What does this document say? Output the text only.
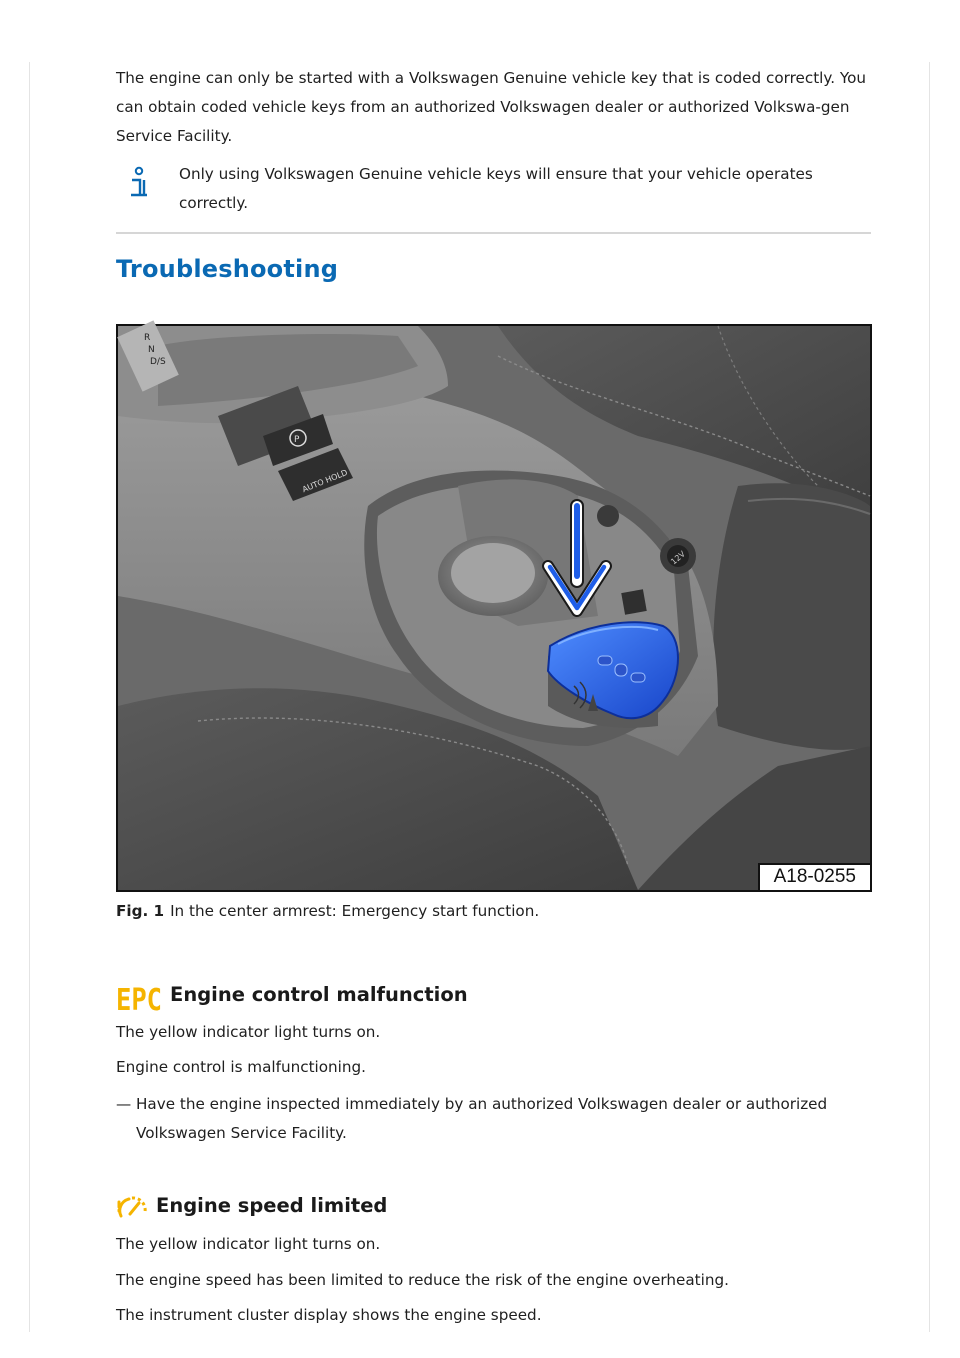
The engine can only be started with a Volkswagen Genuine vehicle key that is coded correctly. You can obtain coded vehicle keys from an authorized Volkswagen dealer or authorized Volkswa-gen Service Facility.

Only using Volkswagen Genuine vehicle keys will ensure that your vehicle operates correctly.

Troubleshooting
R
N
D/S
P
AUTO HOLD
12V
A18-0255

Fig. 1 In the center armrest: Emergency start function.

EPC Engine control malfunction

The yellow indicator light turns on.

Engine control is malfunctioning.

— Have the engine inspected immediately by an authorized Volkswagen dealer or authorized Volkswagen Service Facility.

Engine speed limited

The yellow indicator light turns on.

The engine speed has been limited to reduce the risk of the engine overheating.

The instrument cluster display shows the engine speed.
